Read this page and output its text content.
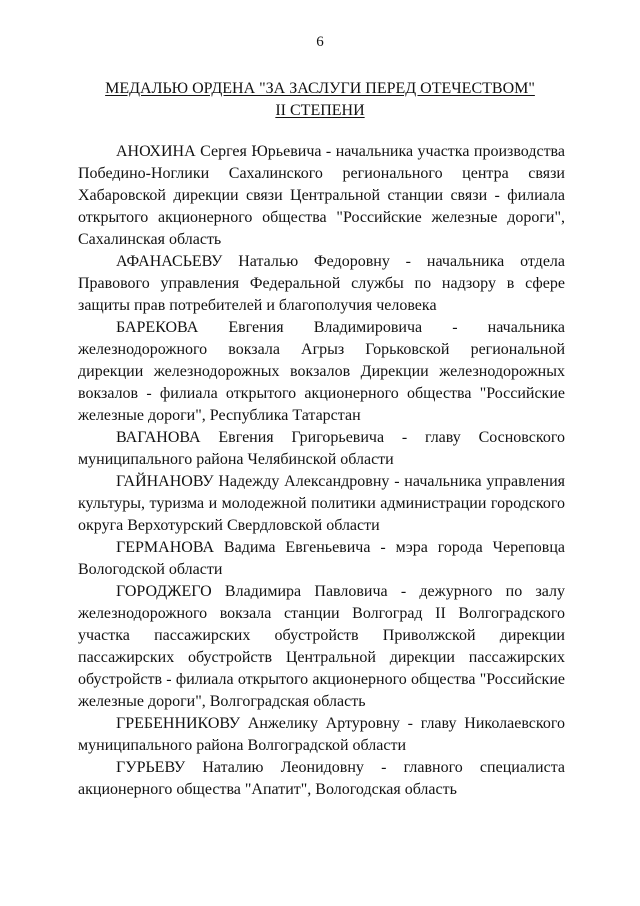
6
МЕДАЛЬЮ ОРДЕНА "ЗА ЗАСЛУГИ ПЕРЕД ОТЕЧЕСТВОМ"
II СТЕПЕНИ

АНОХИНА Сергея Юрьевича - начальника участка производства Победино-Ноглики Сахалинского регионального центра связи Хабаровской дирекции связи Центральной станции связи - филиала открытого акционерного общества "Российские железные дороги", Сахалинская область

АФАНАСЬЕВУ Наталью Федоровну - начальника отдела Правового управления Федеральной службы по надзору в сфере защиты прав потребителей и благополучия человека

БАРЕКОВА Евгения Владимировича - начальника железнодорожного вокзала Агрыз Горьковской региональной дирекции железнодорожных вокзалов Дирекции железнодорожных вокзалов - филиала открытого акционерного общества "Российские железные дороги", Республика Татарстан

ВАГАНОВА Евгения Григорьевича - главу Сосновского муниципального района Челябинской области

ГАЙНАНОВУ Надежду Александровну - начальника управления культуры, туризма и молодежной политики администрации городского округа Верхотурский Свердловской области

ГЕРМАНОВА Вадима Евгеньевича - мэра города Череповца Вологодской области

ГОРОДЖЕГО Владимира Павловича - дежурного по залу железнодорожного вокзала станции Волгоград II Волгоградского участка пассажирских обустройств Приволжской дирекции пассажирских обустройств Центральной дирекции пассажирских обустройств - филиала открытого акционерного общества "Российские железные дороги", Волгоградская область

ГРЕБЕННИКОВУ Анжелику Артуровну - главу Николаевского муниципального района Волгоградской области

ГУРЬЕВУ Наталию Леонидовну - главного специалиста акционерного общества "Апатит", Вологодская область
